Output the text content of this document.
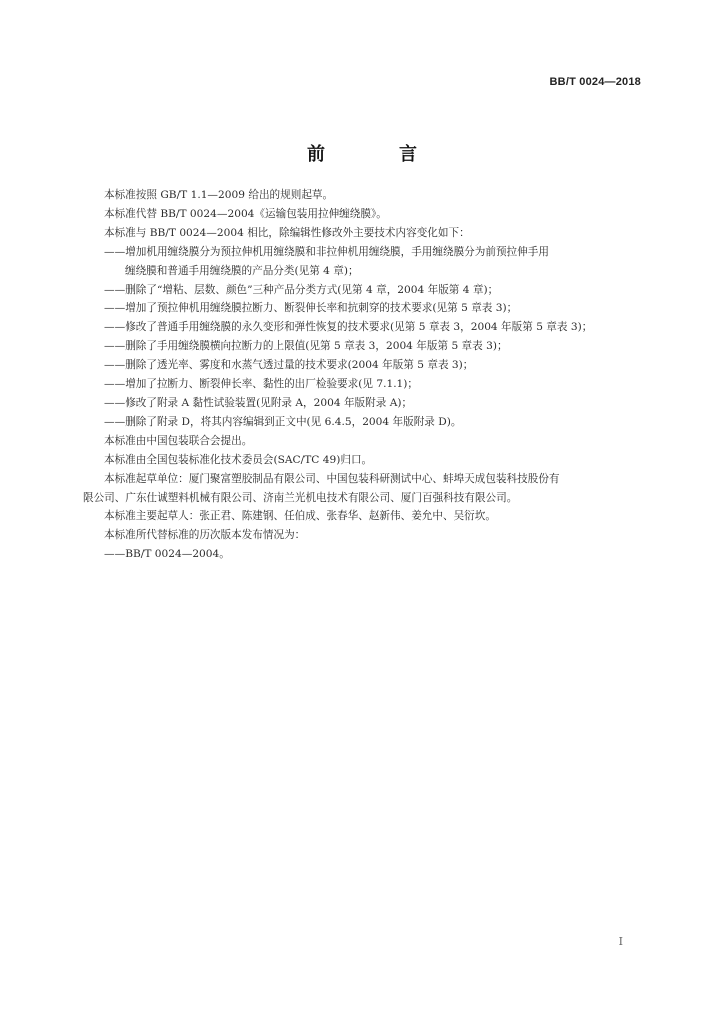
BB/T 0024—2018
前　言

本标准按照 GB/T 1.1—2009 给出的规则起草。

本标准代替 BB/T 0024—2004《运输包装用拉伸缠绕膜》。

本标准与 BB/T 0024—2004 相比，除编辑性修改外主要技术内容变化如下：

——增加机用缠绕膜分为预拉伸机用缠绕膜和非拉伸机用缠绕膜，手用缠绕膜分为前预拉伸手用

缠绕膜和普通手用缠绕膜的产品分类(见第 4 章)；

——删除了“增粘、层数、颜色”三种产品分类方式(见第 4 章，2004 年版第 4 章)；

——增加了预拉伸机用缠绕膜拉断力、断裂伸长率和抗刺穿的技术要求(见第 5 章表 3)；

——修改了普通手用缠绕膜的永久变形和弹性恢复的技术要求(见第 5 章表 3，2004 年版第 5 章表 3)；

——删除了手用缠绕膜横向拉断力的上限值(见第 5 章表 3，2004 年版第 5 章表 3)；

——删除了透光率、雾度和水蒸气透过量的技术要求(2004 年版第 5 章表 3)；

——增加了拉断力、断裂伸长率、黏性的出厂检验要求(见 7.1.1)；

——修改了附录 A 黏性试验装置(见附录 A，2004 年版附录 A)；

——删除了附录 D，将其内容编辑到正文中(见 6.4.5，2004 年版附录 D)。

本标准由中国包装联合会提出。

本标准由全国包装标准化技术委员会(SAC/TC 49)归口。

本标准起草单位：厦门聚富塑胶制品有限公司、中国包装科研测试中心、蚌埠天成包装科技股份有

限公司、广东仕诚塑料机械有限公司、济南兰光机电技术有限公司、厦门百强科技有限公司。

本标准主要起草人：张正君、陈建钢、任伯成、张春华、赵新伟、姜允中、吴衍坎。

本标准所代替标准的历次版本发布情况为：

——BB/T 0024—2004。

I
